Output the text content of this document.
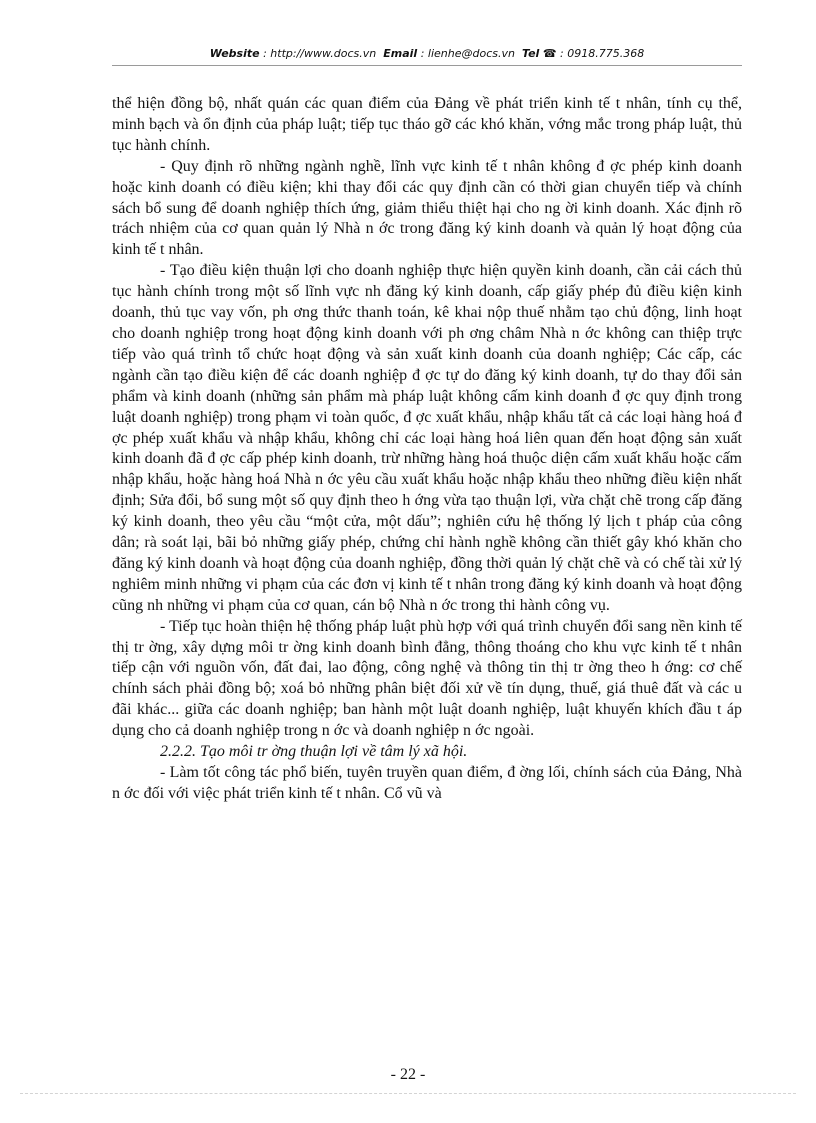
Website : http://www.docs.vn Email : lienhe@docs.vn Tel ☎ : 0918.775.368

thể hiện đồng bộ, nhất quán các quan điểm của Đảng về phát triển kinh tế t nhân, tính cụ thể, minh bạch và ổn định của pháp luật; tiếp tục tháo gỡ các khó khăn, vớng mắc trong pháp luật, thủ tục hành chính.

- Quy định rõ những ngành nghề, lĩnh vực kinh tế t nhân không đ ợc phép kinh doanh hoặc kinh doanh có điều kiện; khi thay đổi các quy định cần có thời gian chuyển tiếp và chính sách bổ sung để doanh nghiệp thích ứng, giảm thiểu thiệt hại cho ng ời kinh doanh. Xác định rõ trách nhiệm của cơ quan quản lý Nhà n ớc trong đăng ký kinh doanh và quản lý hoạt động của kinh tế t nhân.

- Tạo điều kiện thuận lợi cho doanh nghiệp thực hiện quyền kinh doanh, cần cải cách thủ tục hành chính trong một số lĩnh vực nh đăng ký kinh doanh, cấp giấy phép đủ điều kiện kinh doanh, thủ tục vay vốn, ph ơng thức thanh toán, kê khai nộp thuế nhằm tạo chủ động, linh hoạt cho doanh nghiệp trong hoạt động kinh doanh với ph ơng châm Nhà n ớc không can thiệp trực tiếp vào quá trình tổ chức hoạt động và sản xuất kinh doanh của doanh nghiệp; Các cấp, các ngành cần tạo điều kiện để các doanh nghiệp đ ợc tự do đăng ký kinh doanh, tự do thay đổi sản phẩm và kinh doanh (những sản phẩm mà pháp luật không cấm kinh doanh đ ợc quy định trong luật doanh nghiệp) trong phạm vi toàn quốc, đ ợc xuất khẩu, nhập khẩu tất cả các loại hàng hoá đ ợc phép xuất khẩu và nhập khẩu, không chỉ các loại hàng hoá liên quan đến hoạt động sản xuất kinh doanh đã đ ợc cấp phép kinh doanh, trừ những hàng hoá thuộc diện cấm xuất khẩu hoặc cấm nhập khẩu, hoặc hàng hoá Nhà n ớc yêu cầu xuất khẩu hoặc nhập khẩu theo những điều kiện nhất định; Sửa đổi, bổ sung một số quy định theo h ớng vừa tạo thuận lợi, vừa chặt chẽ trong cấp đăng ký kinh doanh, theo yêu cầu “một cửa, một dấu”; nghiên cứu hệ thống lý lịch t pháp của công dân; rà soát lại, bãi bỏ những giấy phép, chứng chỉ hành nghề không cần thiết gây khó khăn cho đăng ký kinh doanh và hoạt động của doanh nghiệp, đồng thời quản lý chặt chẽ và có chế tài xử lý nghiêm minh những vi phạm của các đơn vị kinh tế t nhân trong đăng ký kinh doanh và hoạt động cũng nh những vi phạm của cơ quan, cán bộ Nhà n ớc trong thi hành công vụ.

- Tiếp tục hoàn thiện hệ thống pháp luật phù hợp với quá trình chuyển đổi sang nền kinh tế thị tr ờng, xây dựng môi tr ờng kinh doanh bình đẳng, thông thoáng cho khu vực kinh tế t nhân tiếp cận với nguồn vốn, đất đai, lao động, công nghệ và thông tin thị tr ờng theo h ớng: cơ chế chính sách phải đồng bộ; xoá bỏ những phân biệt đối xử về tín dụng, thuế, giá thuê đất và các u đãi khác... giữa các doanh nghiệp; ban hành một luật doanh nghiệp, luật khuyến khích đầu t áp dụng cho cả doanh nghiệp trong n ớc và doanh nghiệp n ớc ngoài.

2.2.2. Tạo môi tr ờng thuận lợi về tâm lý xã hội.

- Làm tốt công tác phổ biến, tuyên truyền quan điểm, đ ờng lối, chính sách của Đảng, Nhà n ớc đối với việc phát triển kinh tế t nhân. Cổ vũ và

- 22 -
